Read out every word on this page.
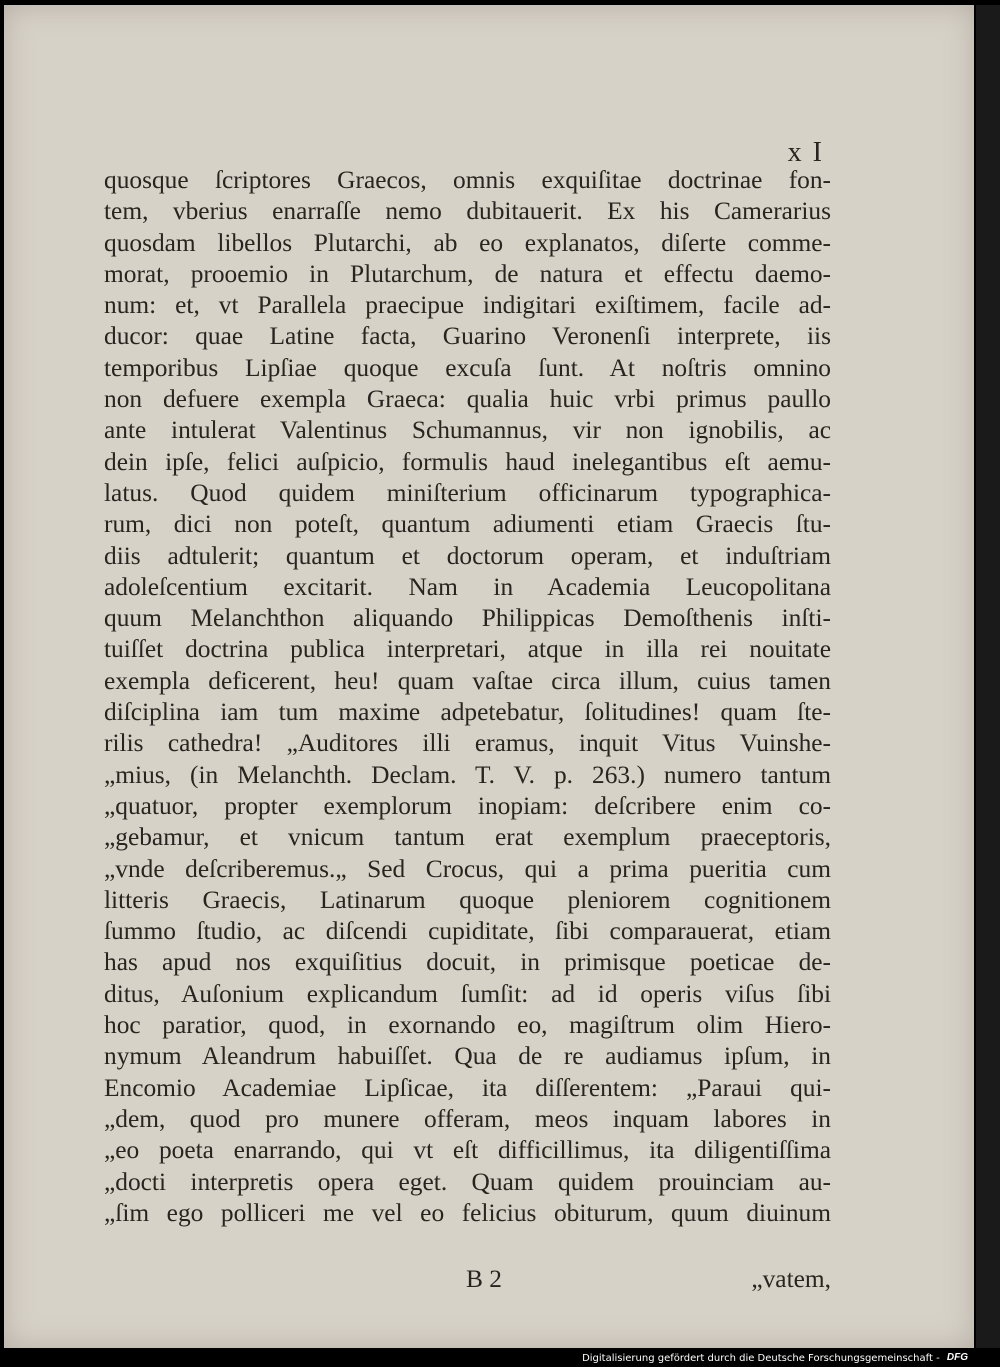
x I
quosque ſcriptores Graecos, omnis exquiſitae doctrinae fon-
tem, vberius enarraſſe nemo dubitauerit. Ex his Camerarius
quosdam libellos Plutarchi, ab eo explanatos, diſerte comme-
morat, prooemio in Plutarchum, de natura et effectu daemo-
num: et, vt Parallela praecipue indigitari exiſtimem, facile ad-
ducor: quae Latine facta, Guarino Veronenſi interprete, iis
temporibus Lipſiae quoque excuſa ſunt. At noſtris omnino
non defuere exempla Graeca: qualia huic vrbi primus paullo
ante intulerat Valentinus Schumannus, vir non ignobilis, ac
dein ipſe, felici auſpicio, formulis haud inelegantibus eſt aemu-
latus. Quod quidem miniſterium officinarum typographica-
rum, dici non poteſt, quantum adiumenti etiam Graecis ſtu-
diis adtulerit; quantum et doctorum operam, et induſtriam
adoleſcentium excitarit. Nam in Academia Leucopolitana
quum Melanchthon aliquando Philippicas Demoſthenis inſti-
tuiſſet doctrina publica interpretari, atque in illa rei nouitate
exempla deficerent, heu! quam vaſtae circa illum, cuius tamen
diſciplina iam tum maxime adpetebatur, ſolitudines! quam ſte-
rilis cathedra! „Auditores illi eramus, inquit Vitus Vuinshe-
„mius, (in Melanchth. Declam. T. V. p. 263.) numero tantum
„quatuor, propter exemplorum inopiam: deſcribere enim co-
„gebamur, et vnicum tantum erat exemplum praeceptoris,
„vnde deſcriberemus.„ Sed Crocus, qui a prima pueritia cum
litteris Graecis, Latinarum quoque pleniorem cognitionem
ſummo ſtudio, ac diſcendi cupiditate, ſibi comparauerat, etiam
has apud nos exquiſitius docuit, in primisque poeticae de-
ditus, Auſonium explicandum ſumſit: ad id operis viſus ſibi
hoc paratior, quod, in exornando eo, magiſtrum olim Hiero-
nymum Aleandrum habuiſſet. Qua de re audiamus ipſum, in
Encomio Academiae Lipſicae, ita diſſerentem: „Paraui qui-
„dem, quod pro munere offeram, meos inquam labores in
„eo poeta enarrando, qui vt eſt difficillimus, ita diligentiſſima
„docti interpretis opera eget. Quam quidem prouinciam au-
„ſim ego polliceri me vel eo felicius obiturum, quum diuinum
B 2	„vatem,
Digitalisierung gefördert durch die Deutsche Forschungsgemeinschaft - DFG
